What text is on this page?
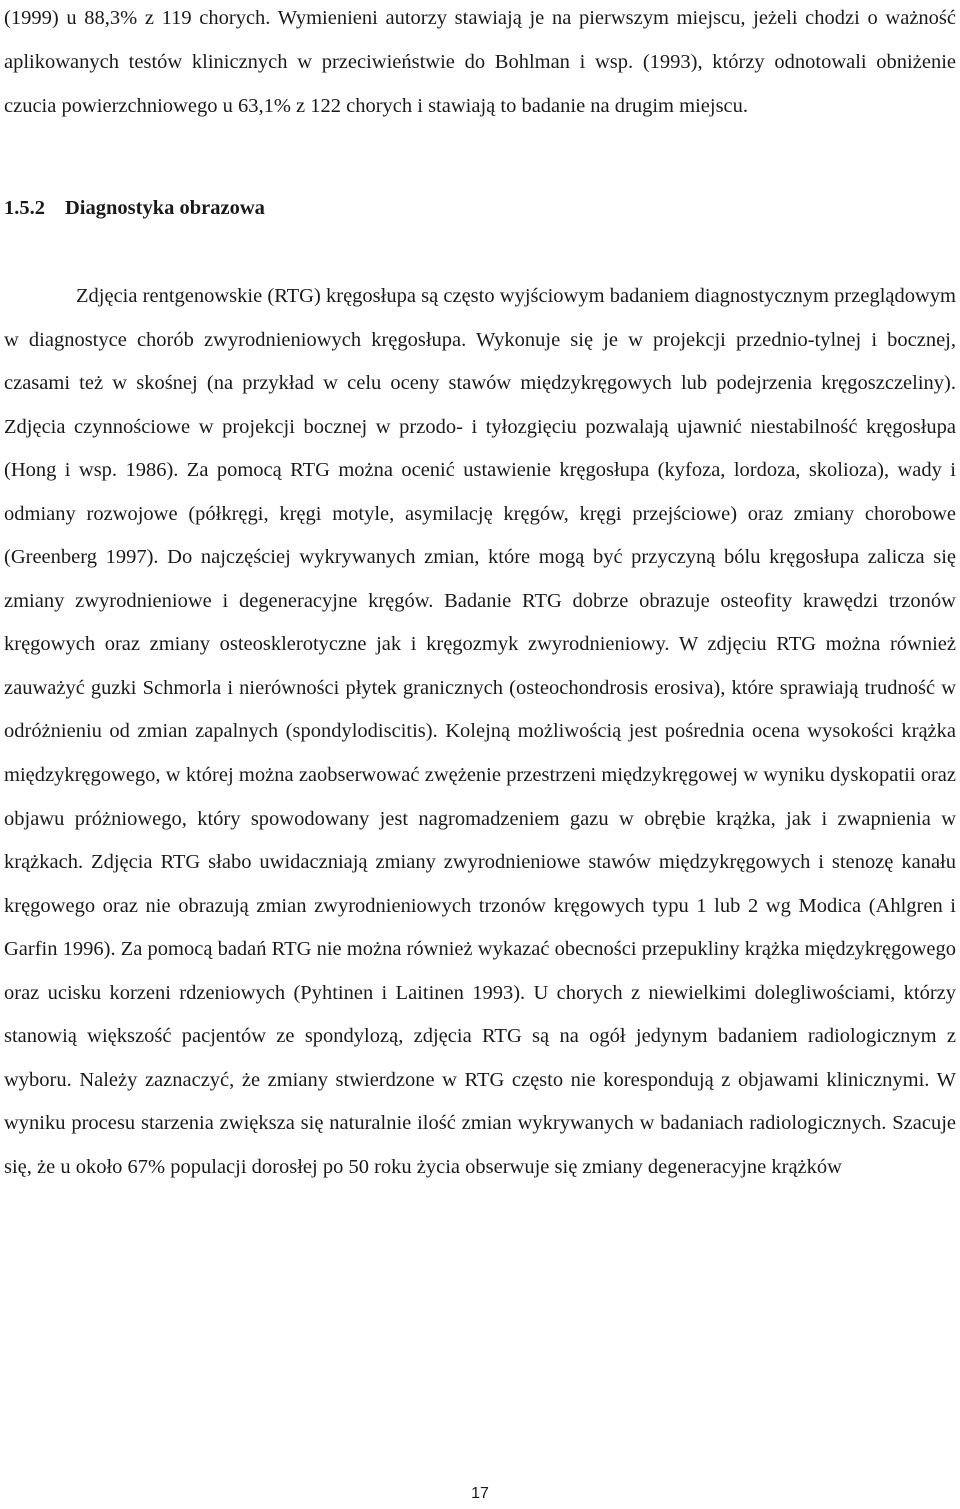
(1999) u 88,3% z 119 chorych. Wymienieni autorzy stawiają je na pierwszym miejscu, jeżeli chodzi o ważność aplikowanych testów klinicznych w przeciwieństwie do Bohlman i wsp. (1993), którzy odnotowali obniżenie czucia powierzchniowego u 63,1% z 122 chorych i stawiają to badanie na drugim miejscu.

1.5.2 Diagnostyka obrazowa

Zdjęcia rentgenowskie (RTG) kręgosłupa są często wyjściowym badaniem diagnostycznym przeglądowym w diagnostyce chorób zwyrodnieniowych kręgosłupa. Wykonuje się je w projekcji przednio-tylnej i bocznej, czasami też w skośnej (na przykład w celu oceny stawów międzykręgowych lub podejrzenia kręgoszczeliny). Zdjęcia czynnościowe w projekcji bocznej w przodo- i tyłozgięciu pozwalają ujawnić niestabilność kręgosłupa (Hong i wsp. 1986). Za pomocą RTG można ocenić ustawienie kręgosłupa (kyfoza, lordoza, skolioza), wady i odmiany rozwojowe (półkręgi, kręgi motyle, asymilację kręgów, kręgi przejściowe) oraz zmiany chorobowe (Greenberg 1997). Do najczęściej wykrywanych zmian, które mogą być przyczyną bólu kręgosłupa zalicza się zmiany zwyrodnieniowe i degeneracyjne kręgów. Badanie RTG dobrze obrazuje osteofity krawędzi trzonów kręgowych oraz zmiany osteosklerotyczne jak i kręgozmyk zwyrodnieniowy. W zdjęciu RTG można również zauważyć guzki Schmorla i nierówności płytek granicznych (osteochondrosis erosiva), które sprawiają trudność w odróżnieniu od zmian zapalnych (spondylodiscitis). Kolejną możliwością jest pośrednia ocena wysokości krążka międzykręgowego, w której można zaobserwować zwężenie przestrzeni międzykręgowej w wyniku dyskopatii oraz objawu próżniowego, który spowodowany jest nagromadzeniem gazu w obrębie krążka, jak i zwapnienia w krążkach. Zdjęcia RTG słabo uwidaczniają zmiany zwyrodnieniowe stawów międzykręgowych i stenozę kanału kręgowego oraz nie obrazują zmian zwyrodnieniowych trzonów kręgowych typu 1 lub 2 wg Modica (Ahlgren i Garfin 1996). Za pomocą badań RTG nie można również wykazać obecności przepukliny krążka międzykręgowego oraz ucisku korzeni rdzeniowych (Pyhtinen i Laitinen 1993). U chorych z niewielkimi dolegliwościami, którzy stanowią większość pacjentów ze spondylozą, zdjęcia RTG są na ogół jedynym badaniem radiologicznym z wyboru. Należy zaznaczyć, że zmiany stwierdzone w RTG często nie korespondują z objawami klinicznymi. W wyniku procesu starzenia zwiększa się naturalnie ilość zmian wykrywanych w badaniach radiologicznych. Szacuje się, że u około 67% populacji dorosłej po 50 roku życia obserwuje się zmiany degeneracyjne krążków

17
